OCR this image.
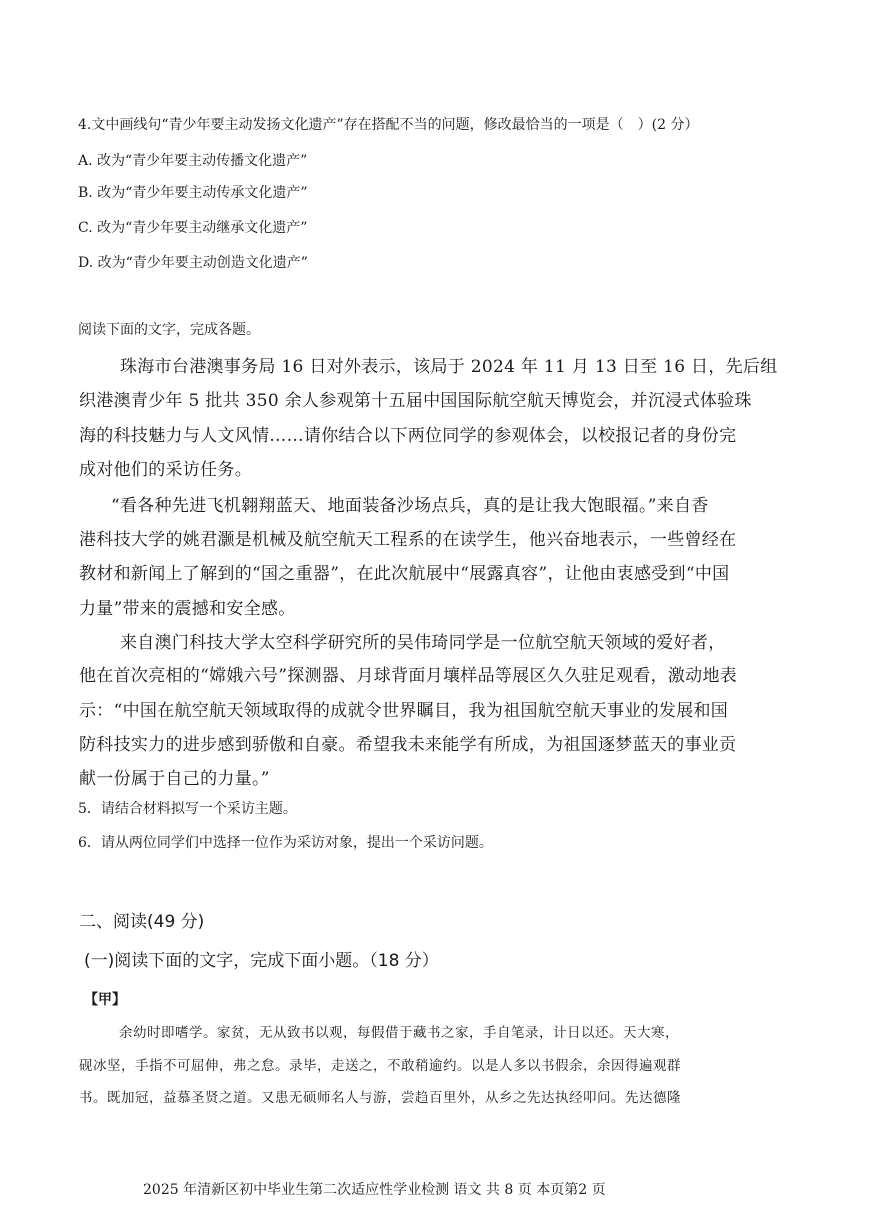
4.文中画线句“青少年要主动发扬文化遗产”存在搭配不当的问题，修改最恰当的一项是（　）(2 分）
A. 改为“青少年要主动传播文化遗产”
B. 改为“青少年要主动传承文化遗产”
C. 改为“青少年要主动继承文化遗产”
D. 改为“青少年要主动创造文化遗产”
阅读下面的文字，完成各题。
珠海市台港澳事务局 16 日对外表示，该局于 2024 年 11 月 13 日至 16 日，先后组
织港澳青少年 5 批共 350 余人参观第十五届中国国际航空航天博览会，并沉浸式体验珠
海的科技魅力与人文风情……请你结合以下两位同学的参观体会，以校报记者的身份完
成对他们的采访任务。
“看各种先进飞机翱翔蓝天、地面装备沙场点兵，真的是让我大饱眼福。”来自香
港科技大学的姚君灏是机械及航空航天工程系的在读学生，他兴奋地表示，一些曾经在
教材和新闻上了解到的“国之重器”，在此次航展中“展露真容”，让他由衷感受到“中国
力量”带来的震撼和安全感。
来自澳门科技大学太空科学研究所的吴伟琦同学是一位航空航天领域的爱好者，
他在首次亮相的“嫦娥六号”探测器、月球背面月壤样品等展区久久驻足观看，激动地表
示：“中国在航空航天领域取得的成就令世界瞩目，我为祖国航空航天事业的发展和国
防科技实力的进步感到骄傲和自豪。希望我未来能学有所成，为祖国逐梦蓝天的事业贡
献一份属于自己的力量。”
5．请结合材料拟写一个采访主题。
6．请从两位同学们中选择一位作为采访对象，提出一个采访问题。
二、阅读(49 分)
(一)阅读下面的文字，完成下面小题。（18 分）
【甲】
余幼时即嗜学。家贫，无从致书以观，每假借于藏书之家，手自笔录，计日以还。天大寒，
砚冰坚，手指不可屈伸，弗之怠。录毕，走送之，不敢稍逾约。以是人多以书假余，余因得遍观群
书。既加冠，益慕圣贤之道。又患无硕师名人与游，尝趋百里外，从乡之先达执经叩问。先达德隆
2025 年清新区初中毕业生第二次适应性学业检测 语文 共 8 页 本页第2 页
